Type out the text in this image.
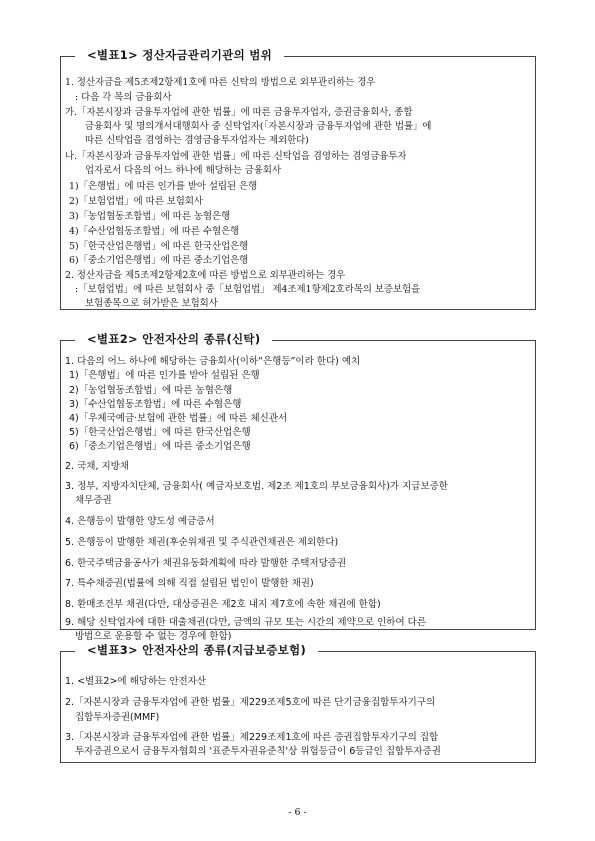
<별표1> 정산자금관리기관의 범위
1. 정산자금을 제5조제2항제1호에 따른 신탁의 방법으로 외부관리하는 경우
: 다음 각 목의 금융회사
가.「자본시장과 금융투자업에 관한 법률」에 따른 금융투자업자, 증권금융회사, 종합
금융회사 및 명의개서대행회사 중 신탁업자(「자본시장과 금융투자업에 관한 법률」에
따른 신탁업을 겸영하는 겸영금융투자업자는 제외한다)
나.「자본시장과 금융투자업에 관한 법률」에 따른 신탁업을 겸영하는 겸영금융투자
업자로서 다음의 어느 하나에 해당하는 금융회사
1)「은행법」에 따른 인가를 받아 설립된 은행
2)「보험업법」에 따른 보험회사
3)「농업협동조합법」에 따른 농협은행
4)「수산업협동조합법」에 따른 수협은행
5)「한국산업은행법」에 따른 한국산업은행
6)「중소기업은행법」에 따른 중소기업은행
2. 정산자금을 제5조제2항제2호에 따른 방법으로 외부관리하는 경우
:「보험업법」에 따른 보험회사 중「보험업법」 제4조제1항제2호라목의 보증보험을
보험종목으로 허가받은 보험회사
<별표2> 안전자산의 종류(신탁)
1. 다음의 어느 하나에 해당하는 금융회사(이하“은행등”이라 한다) 예치
1)「은행법」에 따른 인가를 받아 설립된 은행
2)「농업협동조합법」에 따른 농협은행
3)「수산업협동조합법」에 따른 수협은행
4)「우체국예금·보험에 관한 법률」에 따른 체신관서
5)「한국산업은행법」에 따른 한국산업은행
6)「중소기업은행법」에 따른 중소기업은행
2. 국채, 지방채
3. 정부, 지방자치단체, 금융회사( 예금자보호법. 제2조 제1호의 부보금융회사)가 지급보증한
채무증권
4. 은행등이 발행한 양도성 예금증서
5. 은행등이 발행한 채권(후순위채권 및 주식관련채권은 제외한다)
6. 한국주택금융공사가 채권유동화계획에 따라 발행한 주택저당증권
7. 특수채증권(법률에 의해 직접 설립된 법인이 발행한 채권)
8. 환매조건부 채권(다만, 대상증권은 제2호 내지 제7호에 속한 채권에 한함)
9. 해당 신탁업자에 대한 대출채권(다만, 금액의 규모 또는 시간의 제약으로 인하여 다른
방법으로 운용할 수 없는 경우에 한함)
<별표3> 안전자산의 종류(지급보증보험)
1. <별표2>에 해당하는 안전자산
2.「자본시장과 금융투자업에 관한 법률」제229조제5호에 따른 단기금융집합투자기구의
집합투자증권(MMF)
3.「자본시장과 금융투자업에 관한 법률」제229조제1호에 따른 증권집합투자기구의 집합
투자증권으로서 금융투자협회의 '표준투자권유준칙'상 위험등급이 6등급인 집합투자증권
- 6 -
